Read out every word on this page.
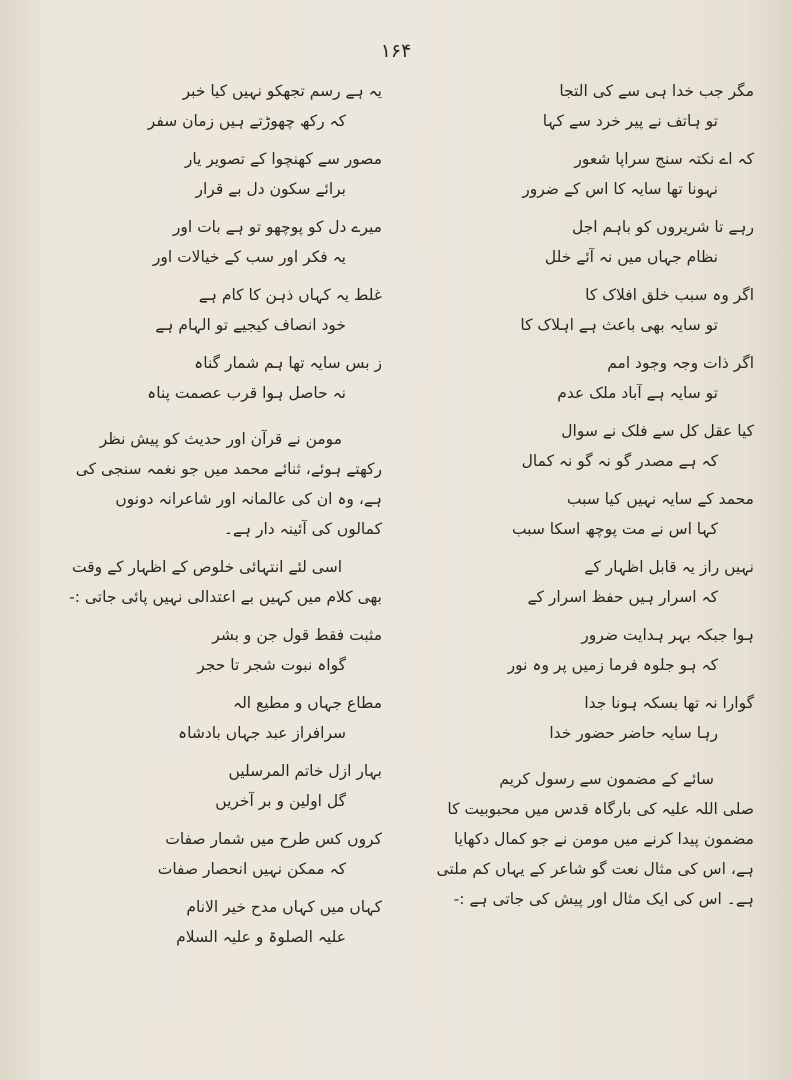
۱۶۴
مگر جب خدا ہی سے کی التجا
تو ہاتف نے پیر خرد سے کہا
کہ اے نکتہ سنج سراپا شعور
نہونا تھا سایہ کا اس کے ضرور
رہے تا شریروں کو باہم اجل
نظام جہاں میں نہ آئے خلل
اگر وہ سبب خلق افلاک کا
تو سایہ بھی باعث ہے اہلاک کا
اگر ذات وجہ وجود امم
تو سایہ ہے آباد ملک عدم
کیا عقل کل سے فلک نے سوال
کہ ہے مصدر گو نہ گو نہ کمال
محمد کے سایہ نہیں کیا سبب
کہا اس نے مت پوچھ اسکا سبب
نہیں راز یہ قابل اظہار کے
کہ اسرار ہیں حفظ اسرار کے
ہوا جبکہ بہر ہدایت ضرور
کہ ہو جلوہ فرما زمیں پر وہ نور
گوارا نہ تھا بسکہ ہونا جدا
رہا سایہ حاضر حضور خدا
سائے کے مضمون سے رسول کریم
صلی اللہ علیہ کی بارگاہ قدس میں محبوبیت کا
مضمون پیدا کرنے میں مومن نے جو کمال دکھایا
ہے، اس کی مثال نعت گو شاعر کے یہاں کم ملتی
ہے۔ اس کی ایک مثال اور پیش کی جاتی ہے :-
یہ ہے رسم تجھکو نہیں کیا خبر
کہ رکھ چھوڑتے ہیں زمان سفر
مصور سے کھنچوا کے تصویر یار
برائے سکون دل بے قرار
میرے دل کو پوچھو تو ہے بات اور
یہ فکر اور سب کے خیالات اور
غلط یہ کہاں ذہن کا کام ہے
خود انصاف کیجیے تو الہام ہے
ز بس سایہ تھا ہم شمار گناہ
نہ حاصل ہوا قرب عصمت پناہ
مومن نے قرآن اور حدیث کو پیش نظر
رکھتے ہوئے، ثنائے محمد میں جو نغمہ سنجی کی
ہے، وہ ان کی عالمانہ اور شاعرانہ دونوں
کمالوں کی آئینہ دار ہے۔
اسی لئے انتہائی خلوص کے اظہار کے وقت
بھی کلام میں کہیں بے اعتدالی نہیں پائی جاتی :-
مثبت فقط قول جن و بشر
گواہ نبوت شجر تا حجر
مطاع جہاں و مطیع الہ
سرافراز عبد جہاں بادشاہ
بہار ازل خاتم المرسلیں
گل اولین و بر آخریں
کروں کس طرح میں شمار صفات
کہ ممکن نہیں انحصار صفات
کہاں میں کہاں مدح خیر الانام
علیہ الصلوۃ و علیہ السلام
